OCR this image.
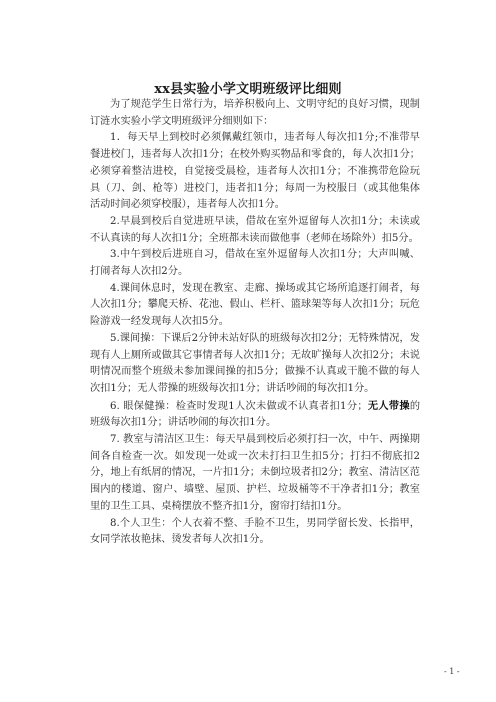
xx县实验小学文明班级评比细则

为了规范学生日常行为，培养积极向上、文明守纪的良好习惯，现制订涟水实验小学文明班级评分细则如下：

1．每天早上到校时必须佩戴红领巾，违者每人每次扣1分;不准带早餐进校门，违者每人次扣1分；在校外购买物品和零食的，每人次扣1分；必须穿着整洁进校，自觉接受晨检，违者每人次扣1分；不准携带危险玩具（刀、剑、枪等）进校门，违者扣1分；每周一为校服日（或其他集体活动时间必须穿校服），违者每人次扣1分。

2.早晨到校后自觉进班早读，借故在室外逗留每人次扣1分；未读或不认真读的每人次扣1分；全班都未读而做他事（老师在场除外）扣5分。

3.中午到校后进班自习，借故在室外逗留每人次扣1分；大声叫喊、打闹者每人次扣2分。

4.课间休息时，发现在教室、走廊、操场或其它场所追逐打闹者，每人次扣1分；攀爬天桥、花池、假山、栏杆、篮球架等每人次扣1分；玩危险游戏一经发现每人次扣5分。

5.课间操：下课后2分钟未站好队的班级每次扣2分；无特殊情况，发现有人上厕所或做其它事情者每人次扣1分；无故旷操每人次扣2分；未说明情况而整个班级未参加课间操的扣5分；做操不认真或干脆不做的每人次扣1分；无人带操的班级每次扣1分；讲话吵闹的每次扣1分。

6. 眼保健操：检查时发现1人次未做或不认真者扣1分；无人带操的班级每次扣1分；讲话吵闹的每次扣1分。

7. 教室与清洁区卫生：每天早晨到校后必须打扫一次，中午、两操期间各自检查一次。如发现一处或一次未打扫卫生扣5分；打扫不彻底扣2分，地上有纸屑的情况，一片扣1分；未倒垃圾者扣2分；教室、清洁区范围内的楼道、窗户、墙壁、屋顶、护栏、垃圾桶等不干净者扣1分；教室里的卫生工具、桌椅摆放不整齐扣1分，窗帘打结扣1分。

8.个人卫生：个人衣着不整、手脸不卫生，男同学留长发、长指甲，女同学浓妆艳抹、烫发者每人次扣1分。

- 1 -
